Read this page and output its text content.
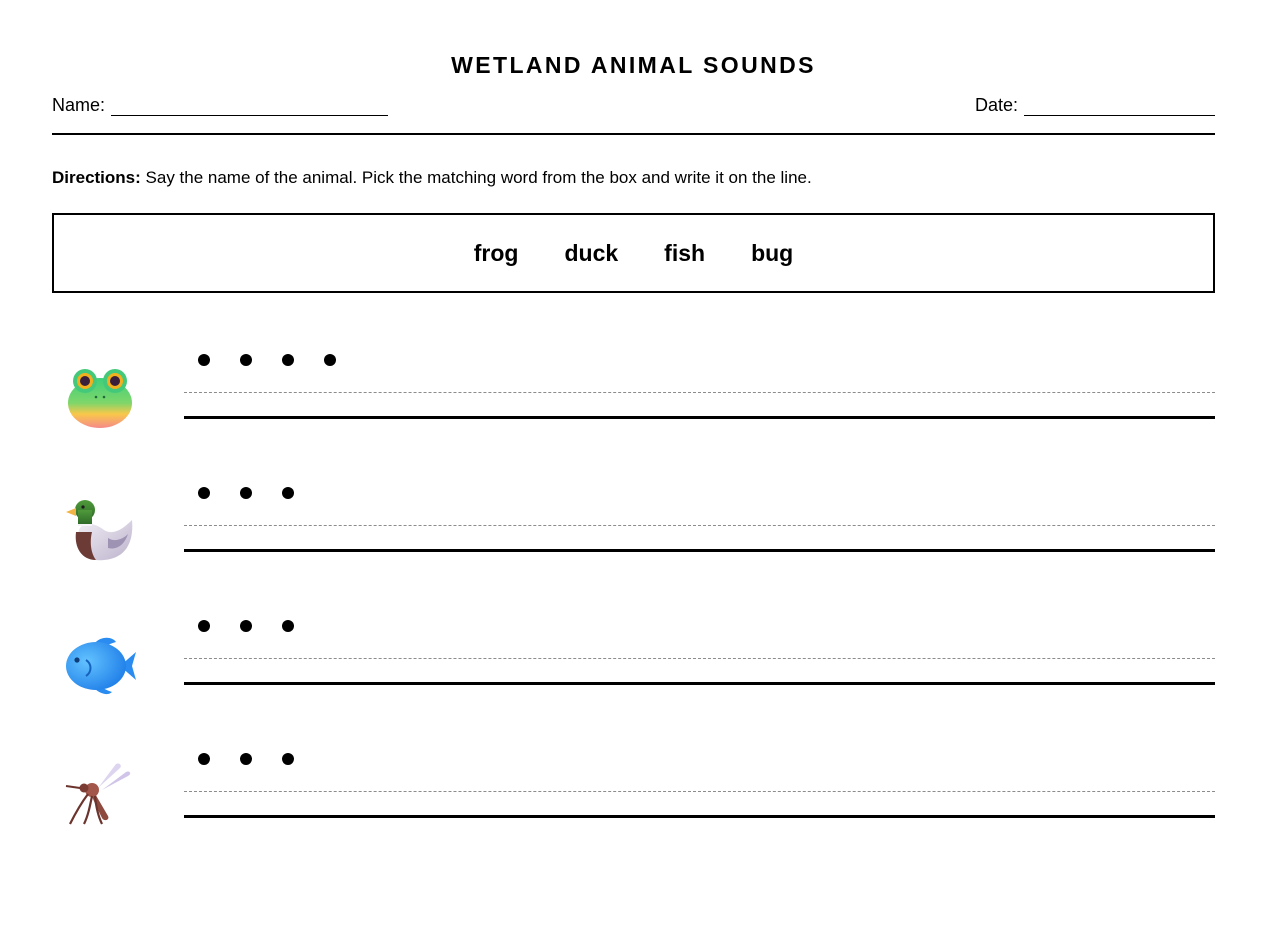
WETLAND ANIMAL SOUNDS
Name:	Date:
Directions: Say the name of the animal. Pick the matching word from the box and write it on the line.
frog duck fish bug
